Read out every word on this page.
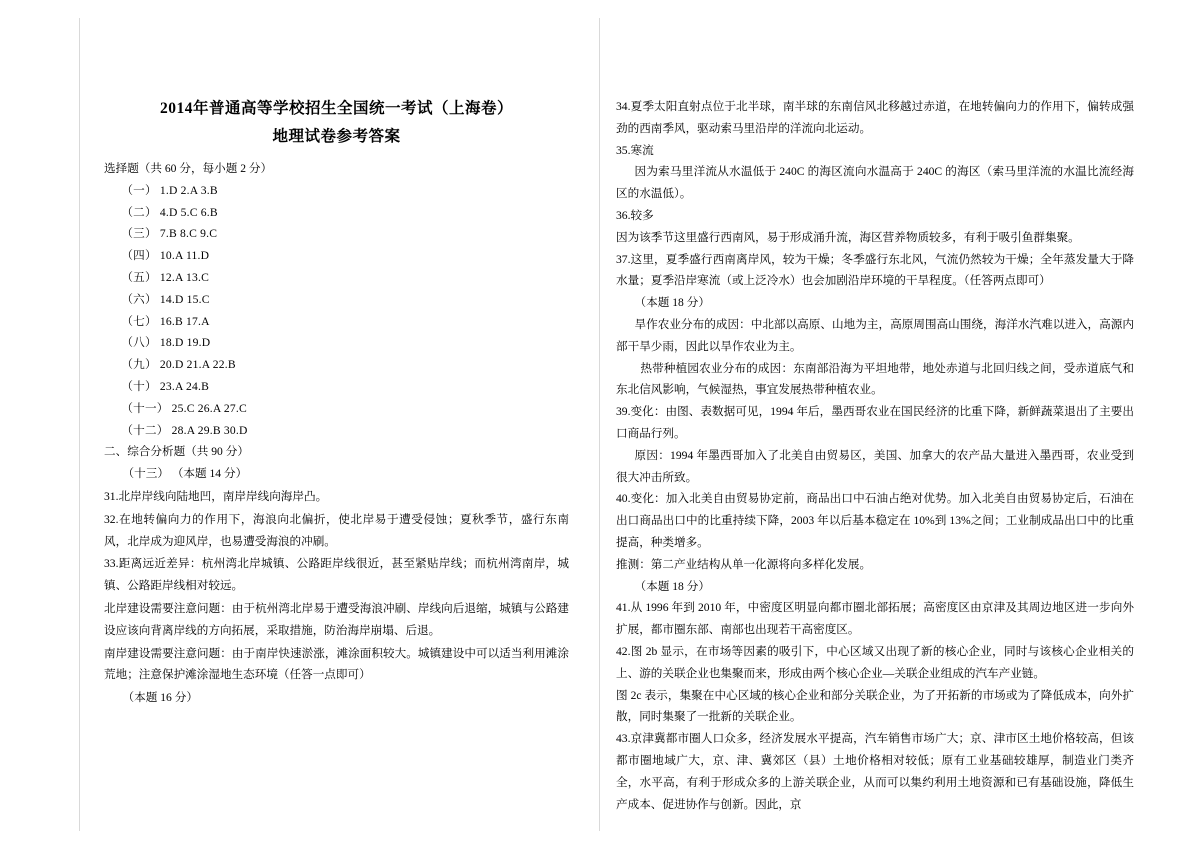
2014年普通高等学校招生全国统一考试（上海卷）
地理试卷参考答案

选择题（共 60 分，每小题 2 分）

（一） 1.D 2.A 3.B

（二） 4.D 5.C 6.B

（三） 7.B 8.C 9.C

（四） 10.A 11.D

（五） 12.A 13.C

（六） 14.D 15.C

（七） 16.B 17.A

（八） 18.D 19.D

（九） 20.D 21.A 22.B

（十） 23.A 24.B

（十一） 25.C 26.A 27.C

（十二） 28.A 29.B 30.D

二、综合分析题（共 90 分）

（十三） （本题 14 分）

31.北岸岸线向陆地凹，南岸岸线向海岸凸。

32.在地转偏向力的作用下，海浪向北偏折，使北岸易于遭受侵蚀；夏秋季节，盛行东南风，北岸成为迎风岸，也易遭受海浪的冲刷。

33.距离远近差异：杭州湾北岸城镇、公路距岸线很近，甚至紧贴岸线；而杭州湾南岸，城镇、公路距岸线相对较远。

北岸建设需要注意问题：由于杭州湾北岸易于遭受海浪冲刷、岸线向后退缩，城镇与公路建设应该向背离岸线的方向拓展，采取措施，防治海岸崩塌、后退。

南岸建设需要注意问题：由于南岸快速淤涨，滩涂面积较大。城镇建设中可以适当利用滩涂荒地；注意保护滩涂湿地生态环境（任答一点即可）

（本题 16 分）

34.夏季太阳直射点位于北半球，南半球的东南信风北移越过赤道，在地转偏向力的作用下，偏转成强劲的西南季风，驱动索马里沿岸的洋流向北运动。

35.寒流

因为索马里洋流从水温低于 240C 的海区流向水温高于 240C 的海区（索马里洋流的水温比流经海区的水温低）。

36.较多

因为该季节这里盛行西南风，易于形成涌升流，海区营养物质较多，有利于吸引鱼群集聚。

37.这里，夏季盛行西南离岸风，较为干燥；冬季盛行东北风，气流仍然较为干燥；全年蒸发量大于降水量；夏季沿岸寒流（或上泛冷水）也会加剧沿岸环境的干旱程度。（任答两点即可）

（本题 18 分）

旱作农业分布的成因：中北部以高原、山地为主，高原周围高山围绕，海洋水汽难以进入，高源内部干旱少雨，因此以旱作农业为主。

热带种植园农业分布的成因：东南部沿海为平坦地带，地处赤道与北回归线之间，受赤道底气和东北信风影响，气候湿热，事宜发展热带种植农业。

39.变化：由图、表数据可见，1994 年后，墨西哥农业在国民经济的比重下降，新鲜蔬菜退出了主要出口商品行列。

原因：1994 年墨西哥加入了北美自由贸易区，美国、加拿大的农产品大量进入墨西哥，农业受到很大冲击所致。

40.变化：加入北美自由贸易协定前，商品出口中石油占绝对优势。加入北美自由贸易协定后，石油在出口商品出口中的比重持续下降，2003 年以后基本稳定在 10%到 13%之间；工业制成品出口中的比重提高，种类增多。

推测：第二产业结构从单一化源将向多样化发展。

（本题 18 分）

41.从 1996 年到 2010 年，中密度区明显向都市圈北部拓展；高密度区由京津及其周边地区进一步向外扩展，都市圈东部、南部也出现若干高密度区。

42.图 2b 显示，在市场等因素的吸引下，中心区域又出现了新的核心企业，同时与该核心企业相关的上、游的关联企业也集聚而来，形成由两个核心企业—关联企业组成的汽车产业链。

图 2c 表示，集聚在中心区域的核心企业和部分关联企业，为了开拓新的市场或为了降低成本，向外扩散，同时集聚了一批新的关联企业。

43.京津冀都市圈人口众多，经济发展水平提高，汽车销售市场广大；京、津市区土地价格较高，但该都市圈地域广大，京、津、冀郊区（县）土地价格相对较低；原有工业基础较雄厚，制造业门类齐全，水平高，有利于形成众多的上游关联企业，从而可以集约利用土地资源和已有基础设施，降低生产成本、促进协作与创新。因此，京
